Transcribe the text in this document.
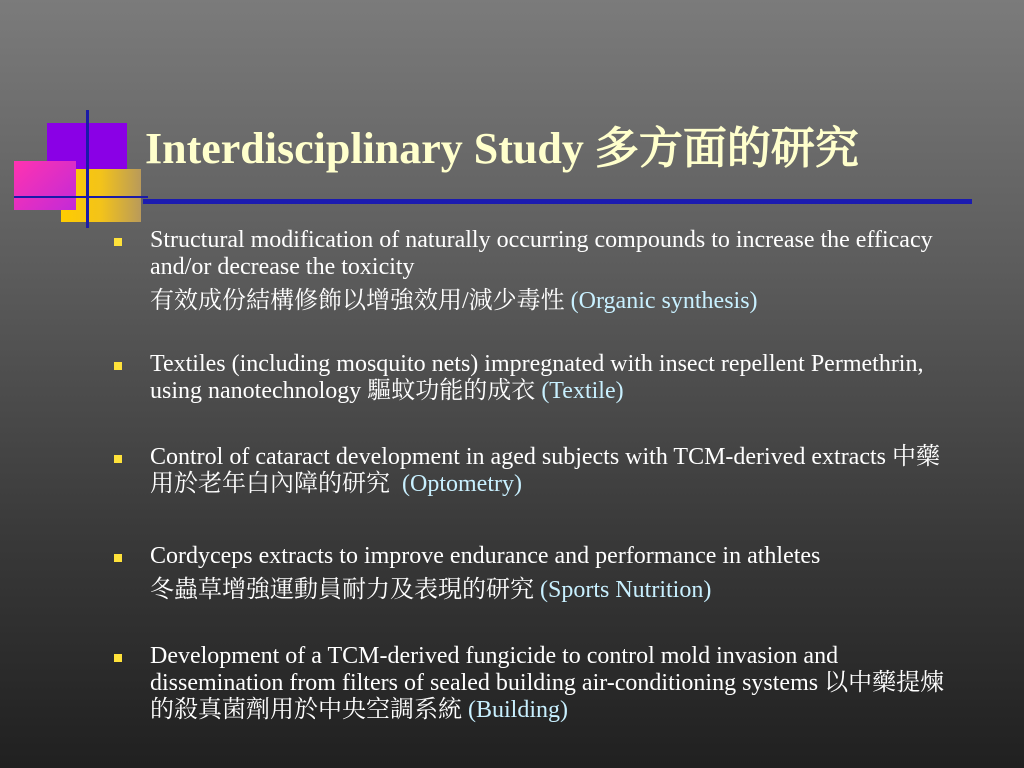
Interdisciplinary Study 多方面的研究
Structural modification of naturally occurring compounds to increase the efficacy and/or decrease the toxicity
有效成份結構修飾以增強效用/減少毒性 (Organic synthesis)
Textiles (including mosquito nets) impregnated with insect repellent Permethrin, using nanotechnology 驅蚊功能的成衣 (Textile)
Control of cataract development in aged subjects with TCM-derived extracts 中藥用於老年白內障的研究 (Optometry)
Cordyceps extracts to improve endurance and performance in athletes
冬蟲草增強運動員耐力及表現的研究 (Sports Nutrition)
Development of a TCM-derived fungicide to control mold invasion and dissemination from filters of sealed building air-conditioning systems 以中藥提煉的殺真菌劑用於中央空調系統 (Building)
